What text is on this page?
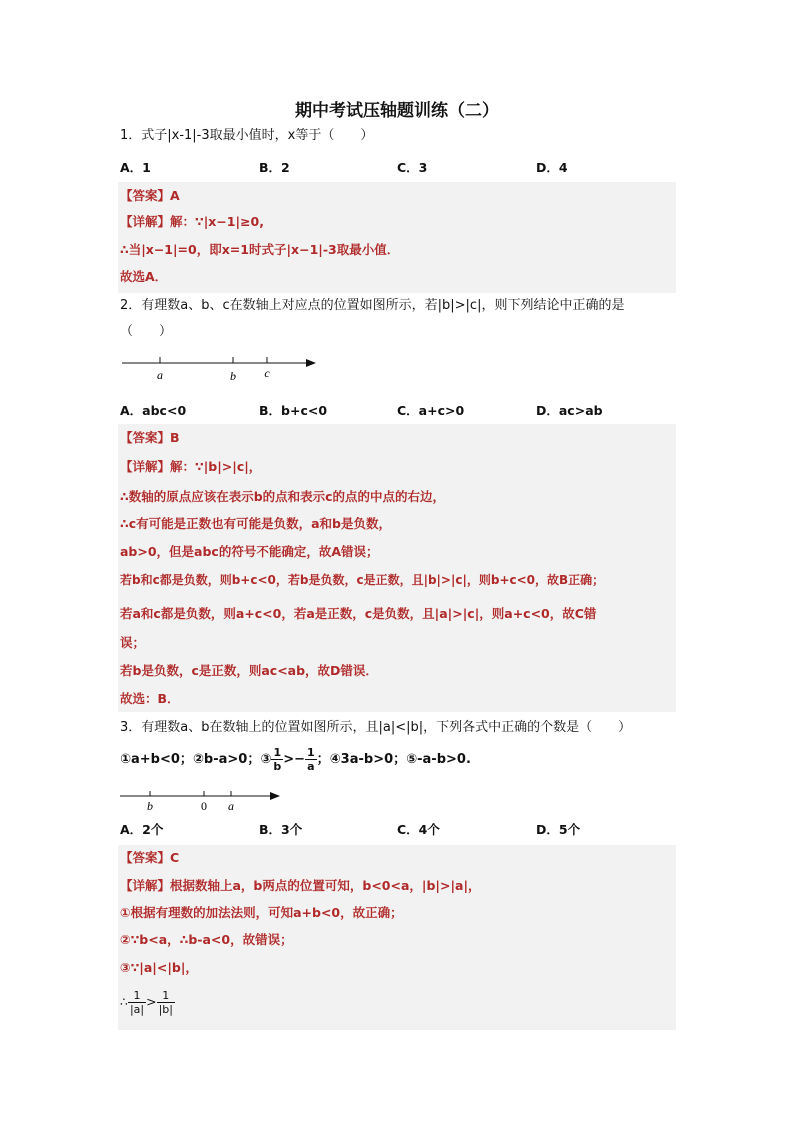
期中考试压轴题训练（二）
1．式子|x-1|-3取最小值时，x等于（　　）
A．1	B．2	C．3	D．4
【答案】A
【详解】解：∵|x−1|≥0,
∴当|x−1|=0，即x=1时式子|x−1|-3取最小值．
故选A．
2．有理数a、b、c在数轴上对应点的位置如图所示，若|b|>|c|，则下列结论中正确的是
（　　）
a	b c
A．abc<0	B．b+c<0	C．a+c>0	D．ac>ab
【答案】B
【详解】解：∵|b|>|c|，
∴数轴的原点应该在表示b的点和表示c的点的中点的右边，
∴c有可能是正数也有可能是负数，a和b是负数，
ab>0，但是abc的符号不能确定，故A错误；
若b和c都是负数，则b+c<0，若b是负数，c是正数，且|b|>|c|，则b+c<0，故B正确；
若a和c都是负数，则a+c<0，若a是正数，c是负数，且|a|>|c|，则a+c<0，故C错
误；
若b是负数，c是正数，则ac<ab，故D错误．
故选：B．
3．有理数a、b在数轴上的位置如图所示，且|a|<|b|，下列各式中正确的个数是（　　）
①a+b<0；②b-a>0；③ $\frac{1}{b} >- \frac{1}{a}$ ；④3a-b>0；⑤-a-b>0.
b	0 a
A．2个	B．3个	C．4个	D．5个
【答案】C
【详解】根据数轴上a，b两点的位置可知，b<0<a，|b|>|a|，
①根据有理数的加法法则，可知a+b<0，故正确；
②∵b<a，∴b-a<0，故错误；
③∵|a|<|b|，
∴ $\frac{1}{|a|} > \frac{1}{|b|}$
